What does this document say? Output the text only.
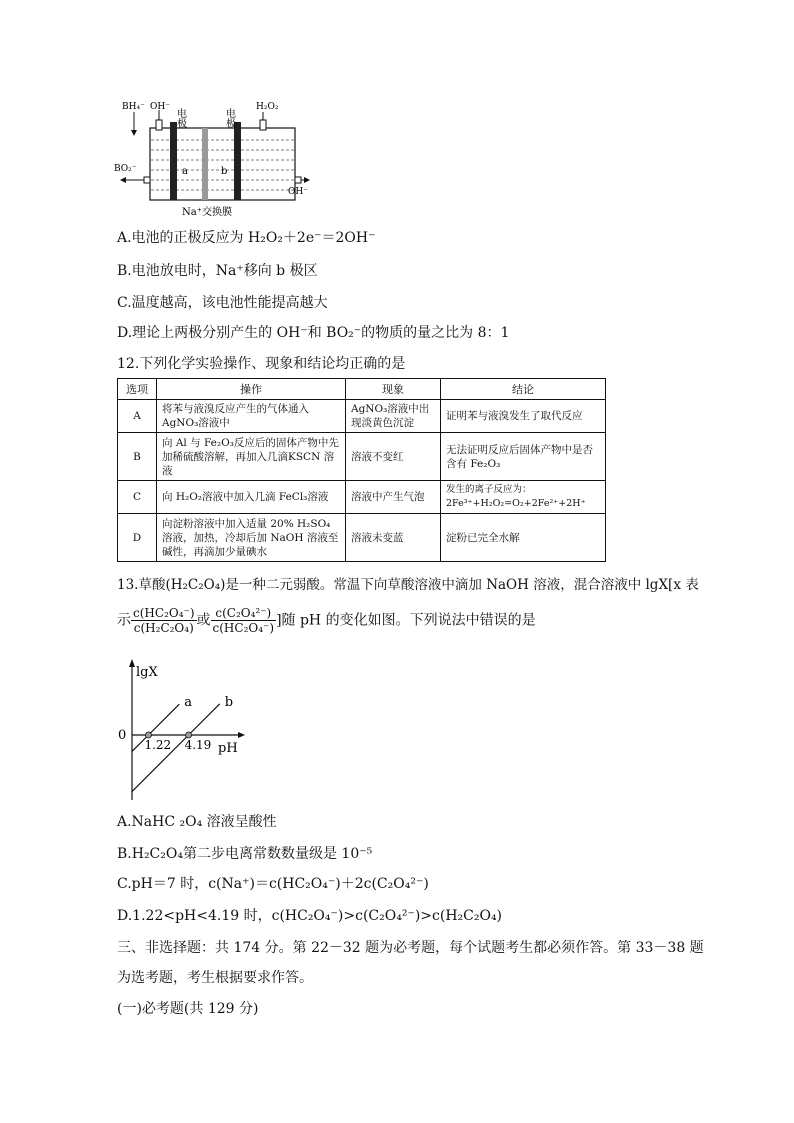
BH₄⁻ OH⁻
电极	电极
H₂O₂
BO₂⁻	a	b
OH⁻
Na⁺交换膜
A.电池的正极反应为 H₂O₂＋2e⁻＝2OH⁻
B.电池放电时，Na⁺移向 b 极区
C.温度越高，该电池性能提高越大
D.理论上两极分别产生的 OH⁻和 BO₂⁻的物质的量之比为 8：1
12.下列化学实验操作、现象和结论均正确的是
选项	操作	现象	结论
A	将苯与液溴反应产生的气体通入AgNO₃溶液中	AgNO₃溶液中出现淡黄色沉淀	证明苯与液溴发生了取代反应
B	向 Al 与 Fe₂O₃反应后的固体产物中先加稀硫酸溶解，再加入几滴KSCN 溶液	溶液不变红	无法证明反应后固体产物中是否含有 Fe₂O₃
C	向 H₂O₂溶液中加入几滴 FeCl₃溶液	溶液中产生气泡	发生的离子反应为：2Fe³⁺+H₂O₂=O₂+2Fe²⁺+2H⁺
D	向淀粉溶液中加入适量 20% H₂SO₄溶液，加热，冷却后加 NaOH 溶液至碱性，再滴加少量碘水	溶液未变蓝	淀粉已完全水解
13.草酸(H₂C₂O₄)是一种二元弱酸。常温下向草酸溶液中滴加 NaOH 溶液，混合溶液中 lgX[x 表
示 $\frac{\text{c(HC₂O₄⁻)}}{\text{c(H₂C₂O₄)}}$ 或 $\frac{\text{c(C₂O₄²⁻)}}{\text{c(HC₂O₄⁻)}}$ ]随 pH 的变化如图。下列说法中错误的是
lgX
pH
0
a	b
1.22 4.19
A.NaHC ₂O₄ 溶液呈酸性
B.H₂C₂O₄第二步电离常数数量级是 10⁻⁵
C.pH＝7 时，c(Na⁺)＝c(HC₂O₄⁻)＋2c(C₂O₄²⁻)
D.1.22<pH<4.19 时，c(HC₂O₄⁻)>c(C₂O₄²⁻)>c(H₂C₂O₄)
三、非选择题：共 174 分。第 22－32 题为必考题，每个试题考生都必须作答。第 33－38 题
为选考题，考生根据要求作答。
(一)必考题(共 129 分)
